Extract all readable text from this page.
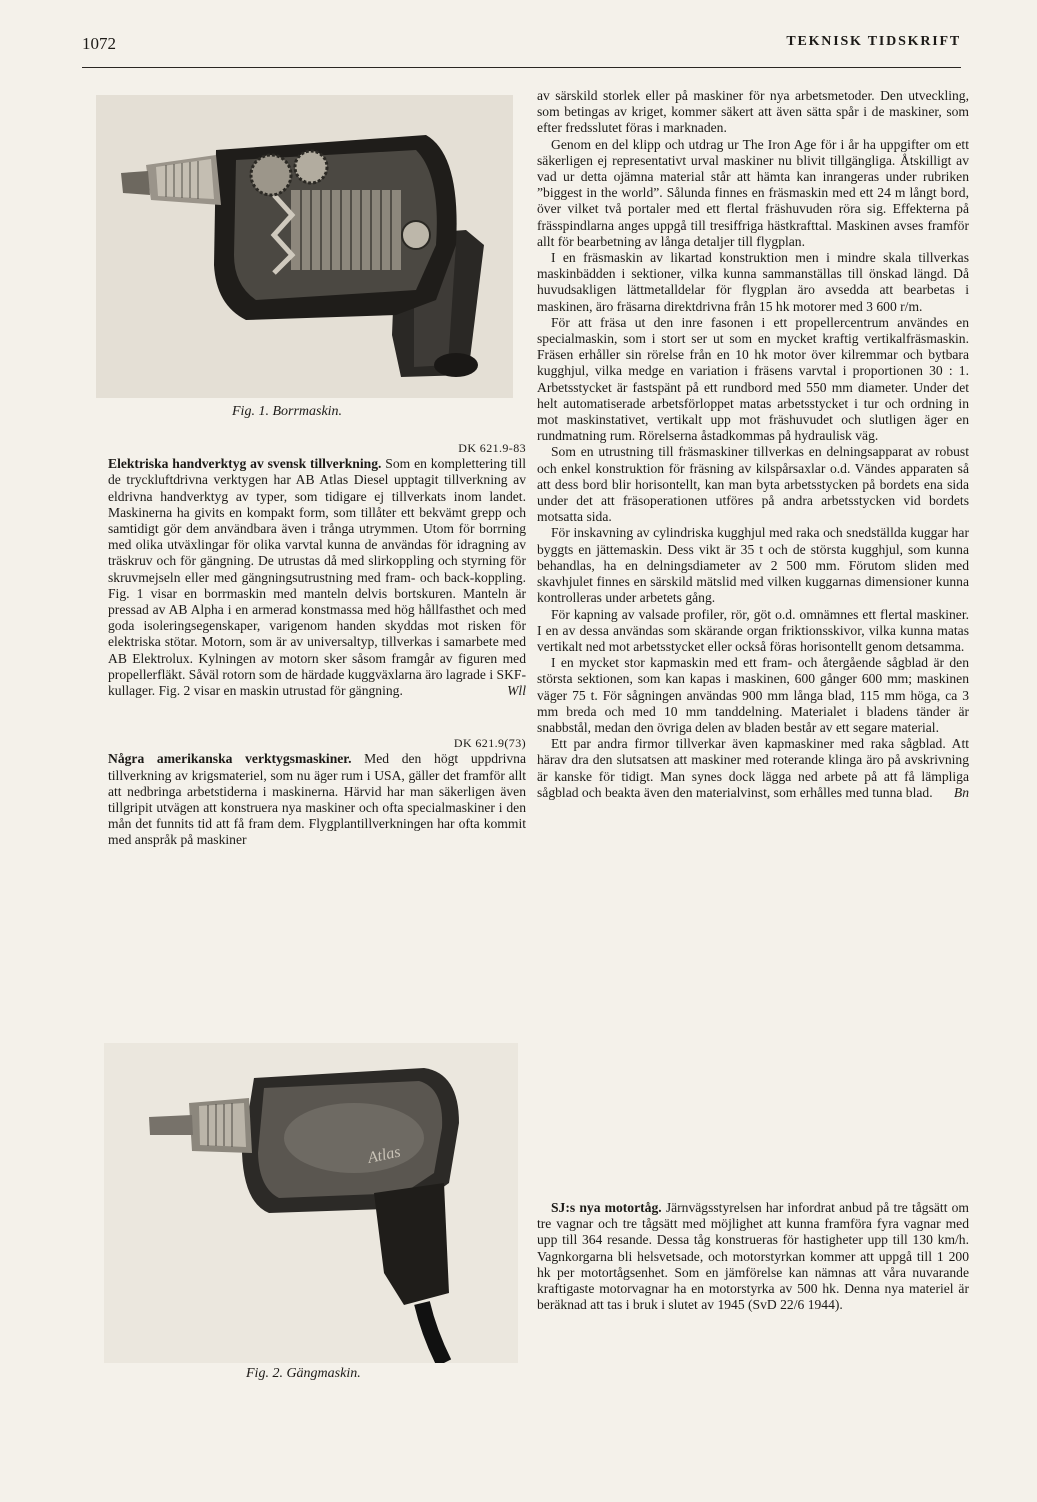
1072	TEKNISK TIDSKRIFT
Fig. 1. Borrmaskin.

DK 621.9-83

Elektriska handverktyg av svensk tillverkning. Som en komplettering till de tryckluftdrivna verktygen har AB Atlas Diesel upptagit tillverkning av eldrivna handverktyg av typer, som tidigare ej tillverkats inom landet. Maskinerna ha givits en kompakt form, som tillåter ett bekvämt grepp och samtidigt gör dem användbara även i trånga utrymmen. Utom för borrning med olika utväxlingar för olika varvtal kunna de användas för idragning av träskruv och för gängning. De utrustas då med slirkoppling och styrning för skruvmejseln eller med gängningsutrustning med fram- och back-koppling. Fig. 1 visar en borrmaskin med manteln delvis bortskuren. Manteln är pressad av AB Alpha i en armerad konstmassa med hög hållfasthet och med goda isoleringsegenskaper, varigenom handen skyddas mot risken för elektriska stötar. Motorn, som är av universaltyp, tillverkas i samarbete med AB Elektrolux. Kylningen av motorn sker såsom framgår av figuren med propellerfläkt. Såväl rotorn som de härdade kuggväxlarna äro lagrade i SKF-kullager. Fig. 2 visar en maskin utrustad för gängning.	Wll

DK 621.9(73)

Några amerikanska verktygsmaskiner. Med den högt uppdrivna tillverkning av krigsmateriel, som nu äger rum i USA, gäller det framför allt att nedbringa arbetstiderna i maskinerna. Härvid har man säkerligen även tillgripit utvägen att konstruera nya maskiner och ofta specialmaskiner i den mån det funnits tid att få fram dem. Flygplantillverkningen har ofta kommit med anspråk på maskiner

Atlas
Fig. 2. Gängmaskin.

av särskild storlek eller på maskiner för nya arbetsmetoder. Den utveckling, som betingas av kriget, kommer säkert att även sätta spår i de maskiner, som efter fredsslutet föras i marknaden.

Genom en del klipp och utdrag ur The Iron Age för i år ha uppgifter om ett säkerligen ej representativt urval maskiner nu blivit tillgängliga. Åtskilligt av vad ur detta ojämna material står att hämta kan inrangeras under rubriken ”biggest in the world”. Sålunda finnes en fräsmaskin med ett 24 m långt bord, över vilket två portaler med ett flertal fräshuvuden röra sig. Effekterna på frässpindlarna anges uppgå till tresiffriga hästkrafttal. Maskinen avses framför allt för bearbetning av långa detaljer till flygplan.

I en fräsmaskin av likartad konstruktion men i mindre skala tillverkas maskinbädden i sektioner, vilka kunna sammanställas till önskad längd. Då huvudsakligen lättmetalldelar för flygplan äro avsedda att bearbetas i maskinen, äro fräsarna direktdrivna från 15 hk motorer med 3 600 r/m.

För att fräsa ut den inre fasonen i ett propellercentrum användes en specialmaskin, som i stort ser ut som en mycket kraftig vertikalfräsmaskin. Fräsen erhåller sin rörelse från en 10 hk motor över kilremmar och bytbara kugghjul, vilka medge en variation i fräsens varvtal i proportionen 30 : 1. Arbetsstycket är fastspänt på ett rundbord med 550 mm diameter. Under det helt automatiserade arbetsförloppet matas arbetsstycket i tur och ordning in mot maskinstativet, vertikalt upp mot fräshuvudet och slutligen äger en rundmatning rum. Rörelserna åstadkommas på hydraulisk väg.

Som en utrustning till fräsmaskiner tillverkas en delningsapparat av robust och enkel konstruktion för fräsning av kilspårsaxlar o.d. Vändes apparaten så att dess bord blir horisontellt, kan man byta arbetsstycken på bordets ena sida under det att fräsoperationen utföres på andra arbetsstycken vid bordets motsatta sida.

För inskavning av cylindriska kugghjul med raka och snedställda kuggar har byggts en jättemaskin. Dess vikt är 35 t och de största kugghjul, som kunna behandlas, ha en delningsdiameter av 2 500 mm. Förutom sliden med skavhjulet finnes en särskild mätslid med vilken kuggarnas dimensioner kunna kontrolleras under arbetets gång.

För kapning av valsade profiler, rör, göt o.d. omnämnes ett flertal maskiner. I en av dessa användas som skärande organ friktionsskivor, vilka kunna matas vertikalt ned mot arbetsstycket eller också föras horisontellt genom detsamma.

I en mycket stor kapmaskin med ett fram- och återgående sågblad är den största sektionen, som kan kapas i maskinen, 600 gånger 600 mm; maskinen väger 75 t. För sågningen användas 900 mm långa blad, 115 mm höga, ca 3 mm breda och med 10 mm tanddelning. Materialet i bladens tänder är snabbstål, medan den övriga delen av bladen består av ett segare material.

Ett par andra firmor tillverkar även kapmaskiner med raka sågblad. Att härav dra den slutsatsen att maskiner med roterande klinga äro på avskrivning är kanske för tidigt. Man synes dock lägga ned arbete på att få lämpliga sågblad och beakta även den materialvinst, som erhålles med tunna blad.	Bn

SJ:s nya motortåg. Järnvägsstyrelsen har infordrat anbud på tre tågsätt om tre vagnar och tre tågsätt med möjlighet att kunna framföra fyra vagnar med upp till 364 resande. Dessa tåg konstrueras för hastigheter upp till 130 km/h. Vagnkorgarna bli helsvetsade, och motorstyrkan kommer att uppgå till 1 200 hk per motortågsenhet. Som en jämförelse kan nämnas att våra nuvarande kraftigaste motorvagnar ha en motorstyrka av 500 hk. Denna nya materiel är beräknad att tas i bruk i slutet av 1945 (SvD 22/6 1944).
